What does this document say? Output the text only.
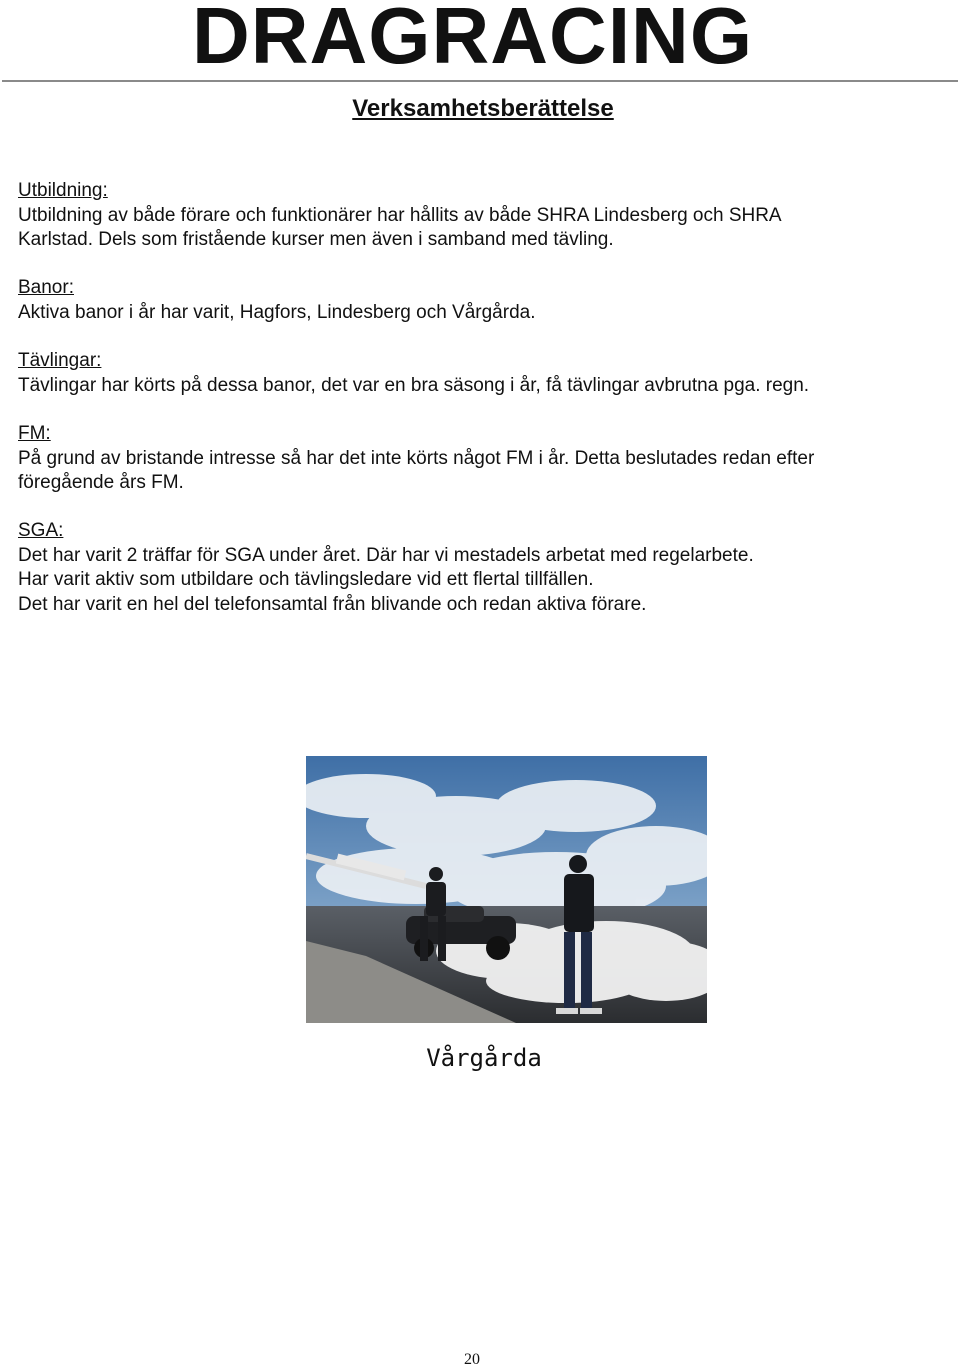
DRAGRACING
Verksamhetsberättelse
Utbildning:

Utbildning av både förare och funktionärer har hållits av både SHRA Lindesberg och SHRA

Karlstad. Dels som fristående kurser men även i samband med tävling.

Banor:

Aktiva banor i år har varit, Hagfors, Lindesberg och Vårgårda.

Tävlingar:

Tävlingar har körts på dessa banor, det var en bra säsong i år, få tävlingar avbrutna pga. regn.

FM:

På grund av bristande intresse så har det inte körts något FM i år. Detta beslutades redan efter

föregående års FM.

SGA:

Det har varit 2 träffar för SGA under året. Där har vi mestadels arbetat med regelarbete.

Har varit aktiv som utbildare och tävlingsledare vid ett flertal tillfällen.

Det har varit en hel del telefonsamtal från blivande och redan aktiva förare.

Vårgårda
20
